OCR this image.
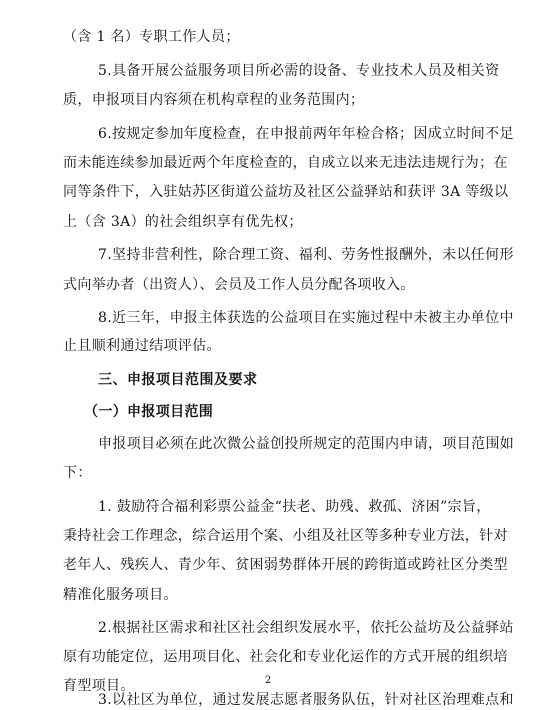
（含 1 名）专职工作人员；
5.具备开展公益服务项目所必需的设备、专业技术人员及相关资
质，申报项目内容须在机构章程的业务范围内；
6.按规定参加年度检查，在申报前两年年检合格；因成立时间不足
而未能连续参加最近两个年度检查的，自成立以来无违法违规行为；在
同等条件下，入驻姑苏区街道公益坊及社区公益驿站和获评 3A 等级以
上（含 3A）的社会组织享有优先权；
7.坚持非营利性，除合理工资、福利、劳务性报酬外，未以任何形
式向举办者（出资人）、会员及工作人员分配各项收入。
8.近三年，申报主体获选的公益项目在实施过程中未被主办单位中
止且顺利通过结项评估。
三、申报项目范围及要求
（一）申报项目范围
申报项目必须在此次微公益创投所规定的范围内申请，项目范围如
下：
1. 鼓励符合福利彩票公益金“扶老、助残、救孤、济困”宗旨，
秉持社会工作理念，综合运用个案、小组及社区等多种专业方法，针对
老年人、残疾人、青少年、贫困弱势群体开展的跨街道或跨社区分类型
精准化服务项目。
2.根据社区需求和社区社会组织发展水平，依托公益坊及公益驿站
原有功能定位，运用项目化、社会化和专业化运作的方式开展的组织培
2
育型项目。
3.以社区为单位，通过发展志愿者服务队伍，针对社区治理难点和
